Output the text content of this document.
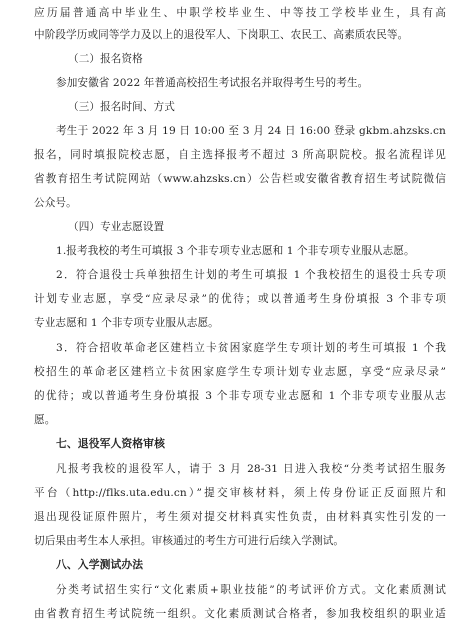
应历届普通高中毕业生、中职学校毕业生、中等技工学校毕业生，具有高
中阶段学历或同等学力及以上的退役军人、下岗职工、农民工、高素质农民等。
（二）报名资格
参加安徽省 2022 年普通高校招生考试报名并取得考生号的考生。
（三）报名时间、方式
考生于 2022 年 3 月 19 日 10:00 至 3 月 24 日 16:00 登录 gkbm.ahzsks.cn
报名，同时填报院校志愿，自主选择报考不超过 3 所高职院校。报名流程详见
省教育招生考试院网站（www.ahzsks.cn）公告栏或安徽省教育招生考试院微信
公众号。
（四）专业志愿设置
1.报考我校的考生可填报 3 个非专项专业志愿和 1 个非专项专业服从志愿。
2．符合退役士兵单独招生计划的考生可填报 1 个我校招生的退役士兵专项
计划专业志愿，享受“应录尽录”的优待；或以普通考生身份填报 3 个非专项
专业志愿和 1 个非专项专业服从志愿。
3．符合招收革命老区建档立卡贫困家庭学生专项计划的考生可填报 1 个我
校招生的革命老区建档立卡贫困家庭学生专项计划专业志愿，享受“应录尽录”
的优待；或以普通考生身份填报 3 个非专项专业志愿和 1 个非专项专业服从志
愿。
七、退役军人资格审核
凡报考我校的退役军人，请于 3 月 28-31 日进入我校“分类考试招生服务
平台（http://flks.uta.edu.cn）”提交审核材料，须上传身份证正反面照片和
退出现役证原件照片，考生须对提交材料真实性负责，由材料真实性引发的一
切后果由考生本人承担。审核通过的考生方可进行后续入学测试。
八、入学测试办法
分类考试招生实行“文化素质+职业技能”的考试评价方式。文化素质测试
由省教育招生考试院统一组织。文化素质测试合格者，参加我校组织的职业适
